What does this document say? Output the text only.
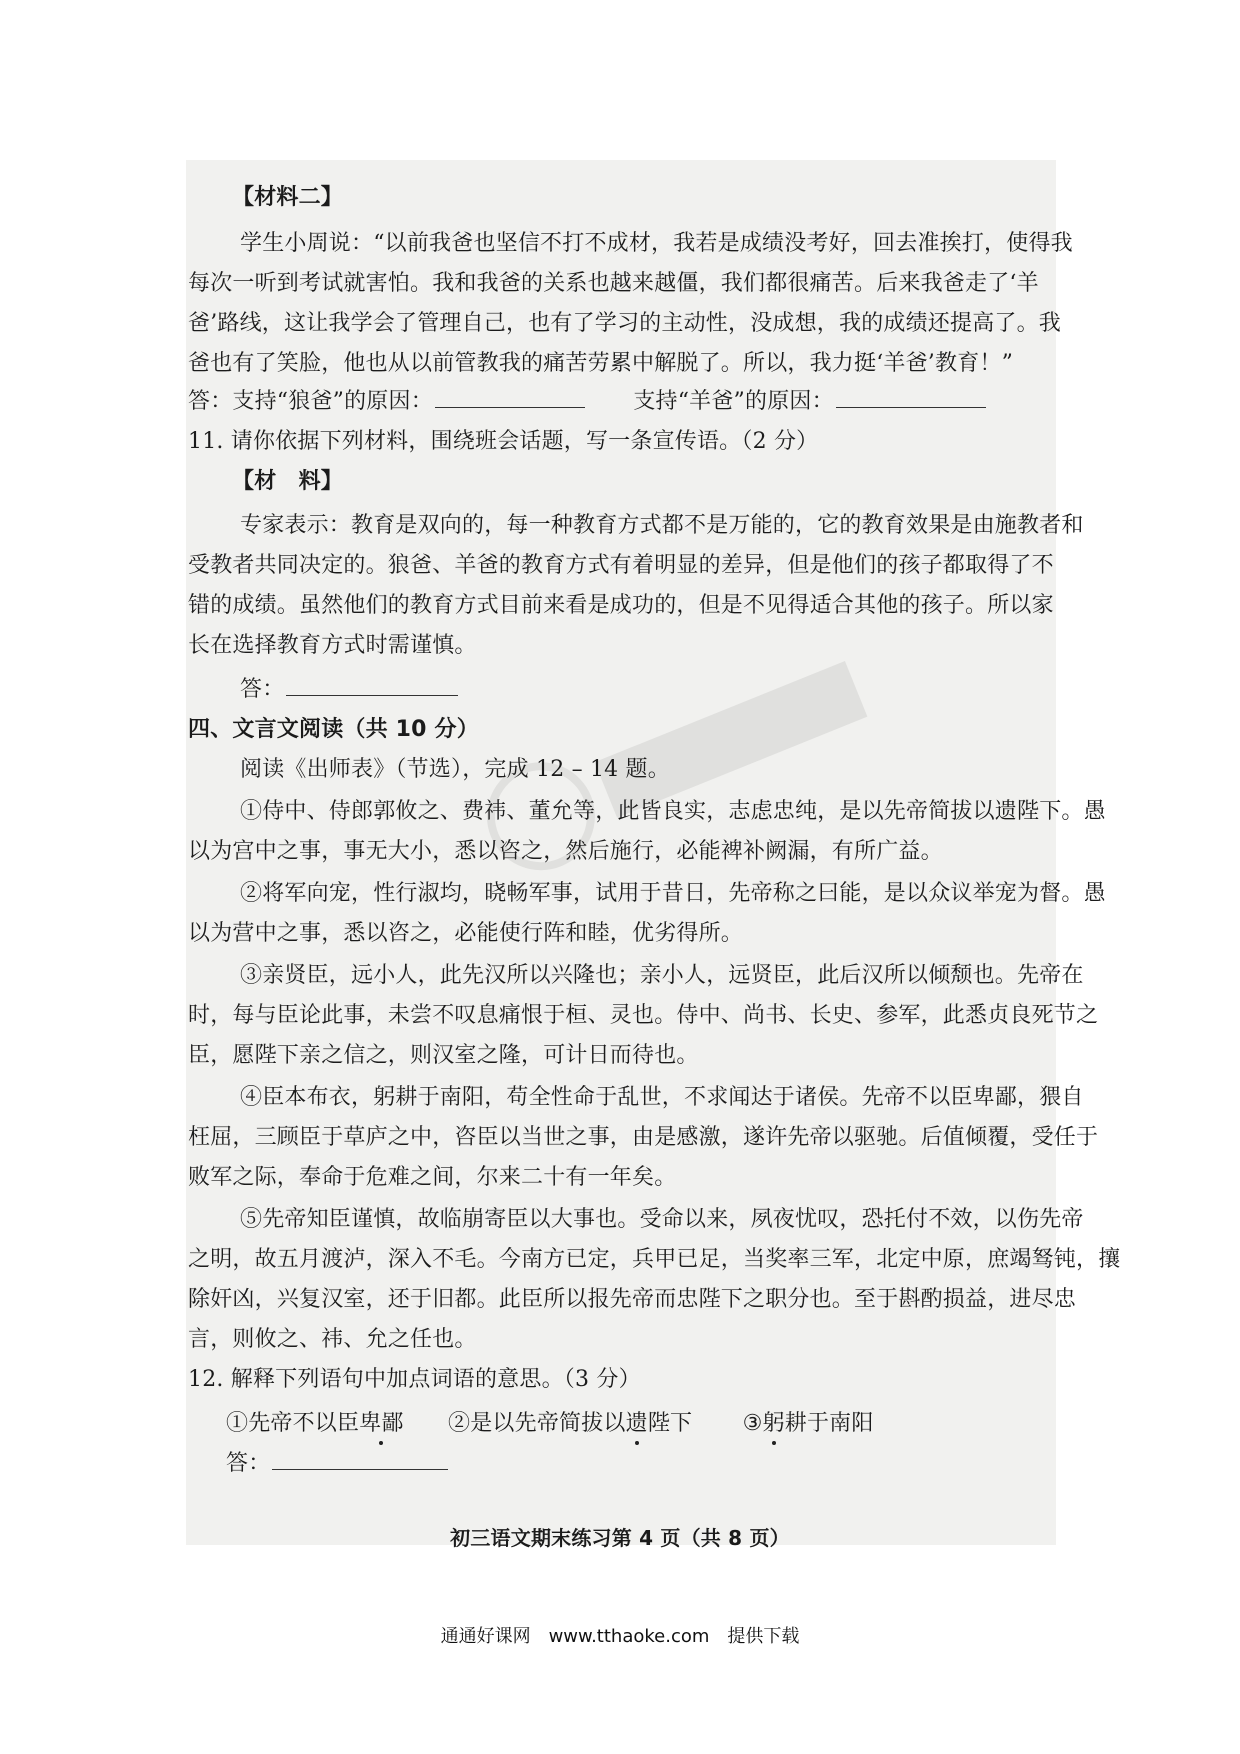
【材料二】
学生小周说：“以前我爸也坚信不打不成材，我若是成绩没考好，回去准挨打，使得我
每次一听到考试就害怕。我和我爸的关系也越来越僵，我们都很痛苦。后来我爸走了‘羊
爸’路线，这让我学会了管理自己，也有了学习的主动性，没成想，我的成绩还提高了。我
爸也有了笑脸，他也从以前管教我的痛苦劳累中解脱了。所以，我力挺‘羊爸’教育！”
答：支持“狼爸”的原因：	支持“羊爸”的原因：
11. 请你依据下列材料，围绕班会话题，写一条宣传语。（2 分）
【材　料】
专家表示：教育是双向的，每一种教育方式都不是万能的，它的教育效果是由施教者和
受教者共同决定的。狼爸、羊爸的教育方式有着明显的差异，但是他们的孩子都取得了不
错的成绩。虽然他们的教育方式目前来看是成功的，但是不见得适合其他的孩子。所以家
长在选择教育方式时需谨慎。
答：
四、文言文阅读（共 10 分）
阅读《出师表》（节选），完成 12 – 14 题。
①侍中、侍郎郭攸之、费祎、董允等，此皆良实，志虑忠纯，是以先帝简拔以遗陛下。愚
以为宫中之事，事无大小，悉以咨之，然后施行，必能裨补阙漏，有所广益。
②将军向宠，性行淑均，晓畅军事，试用于昔日，先帝称之曰能，是以众议举宠为督。愚
以为营中之事，悉以咨之，必能使行阵和睦，优劣得所。
③亲贤臣，远小人，此先汉所以兴隆也；亲小人，远贤臣，此后汉所以倾颓也。先帝在
时，每与臣论此事，未尝不叹息痛恨于桓、灵也。侍中、尚书、长史、参军，此悉贞良死节之
臣，愿陛下亲之信之，则汉室之隆，可计日而待也。
④臣本布衣，躬耕于南阳，苟全性命于乱世，不求闻达于诸侯。先帝不以臣卑鄙，猥自
枉屈，三顾臣于草庐之中，咨臣以当世之事，由是感激，遂许先帝以驱驰。后值倾覆，受任于
败军之际，奉命于危难之间，尔来二十有一年矣。
⑤先帝知臣谨慎，故临崩寄臣以大事也。受命以来，夙夜忧叹，恐托付不效，以伤先帝
之明，故五月渡泸，深入不毛。今南方已定，兵甲已足，当奖率三军，北定中原，庶竭驽钝，攘
除奸凶，兴复汉室，还于旧都。此臣所以报先帝而忠陛下之职分也。至于斟酌损益，进尽忠
言，则攸之、祎、允之任也。
12. 解释下列语句中加点词语的意思。（3 分）
①先帝不以臣卑鄙 ②是以先帝简拔以遗陛下 ③躬耕于南阳
答：
初三语文期末练习第 4 页（共 8 页）
通通好课网　www.tthaoke.com　提供下载
